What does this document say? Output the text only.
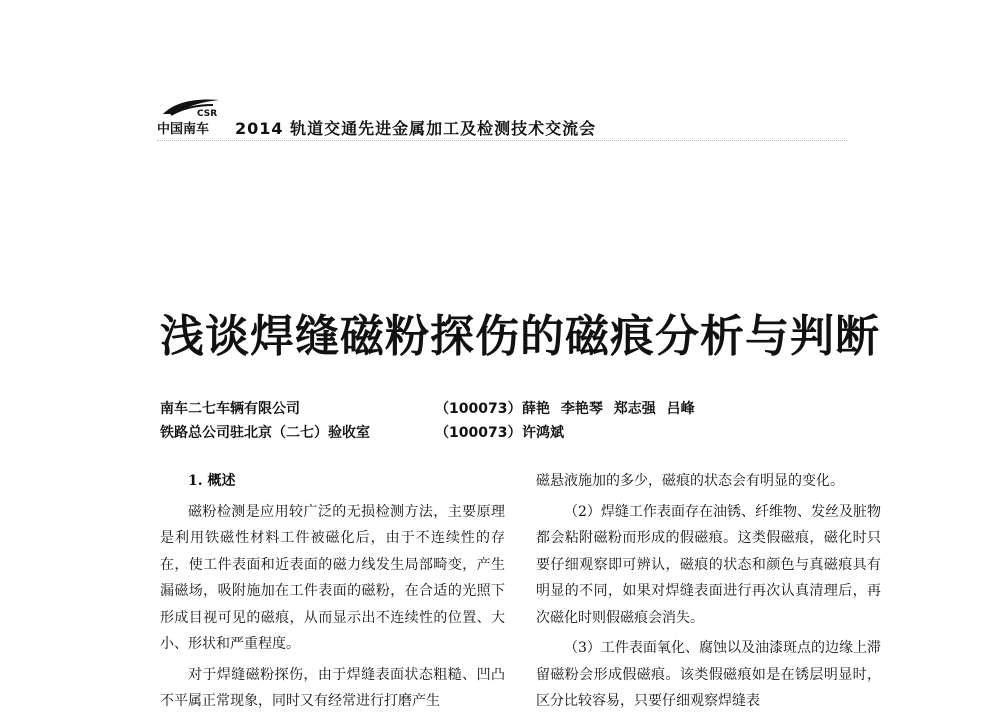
CSR
中国南车 2014 轨道交通先进金属加工及检测技术交流会
浅谈焊缝磁粉探伤的磁痕分析与判断
南车二七车辆有限公司	（100073） 薛艳 李艳琴 郑志强 吕峰
铁路总公司驻北京（二七）验收室	（100073） 许鸿斌

1. 概述

磁粉检测是应用较广泛的无损检测方法，主要原理是利用铁磁性材料工件被磁化后，由于不连续性的存在，使工件表面和近表面的磁力线发生局部畸变，产生漏磁场，吸附施加在工件表面的磁粉，在合适的光照下形成目视可见的磁痕，从而显示出不连续性的位置、大小、形状和严重程度。

对于焊缝磁粉探伤，由于焊缝表面状态粗糙、凹凸不平属正常现象，同时又有经常进行打磨产生

磁悬液施加的多少，磁痕的状态会有明显的变化。

（2）焊缝工作表面存在油锈、纤维物、发丝及脏物都会粘附磁粉而形成的假磁痕。这类假磁痕，磁化时只要仔细观察即可辨认，磁痕的状态和颜色与真磁痕具有明显的不同，如果对焊缝表面进行再次认真清理后，再次磁化时则假磁痕会消失。

（3）工件表面氧化、腐蚀以及油漆斑点的边缘上滞留磁粉会形成假磁痕。该类假磁痕如是在锈层明显时，区分比较容易，只要仔细观察焊缝表
